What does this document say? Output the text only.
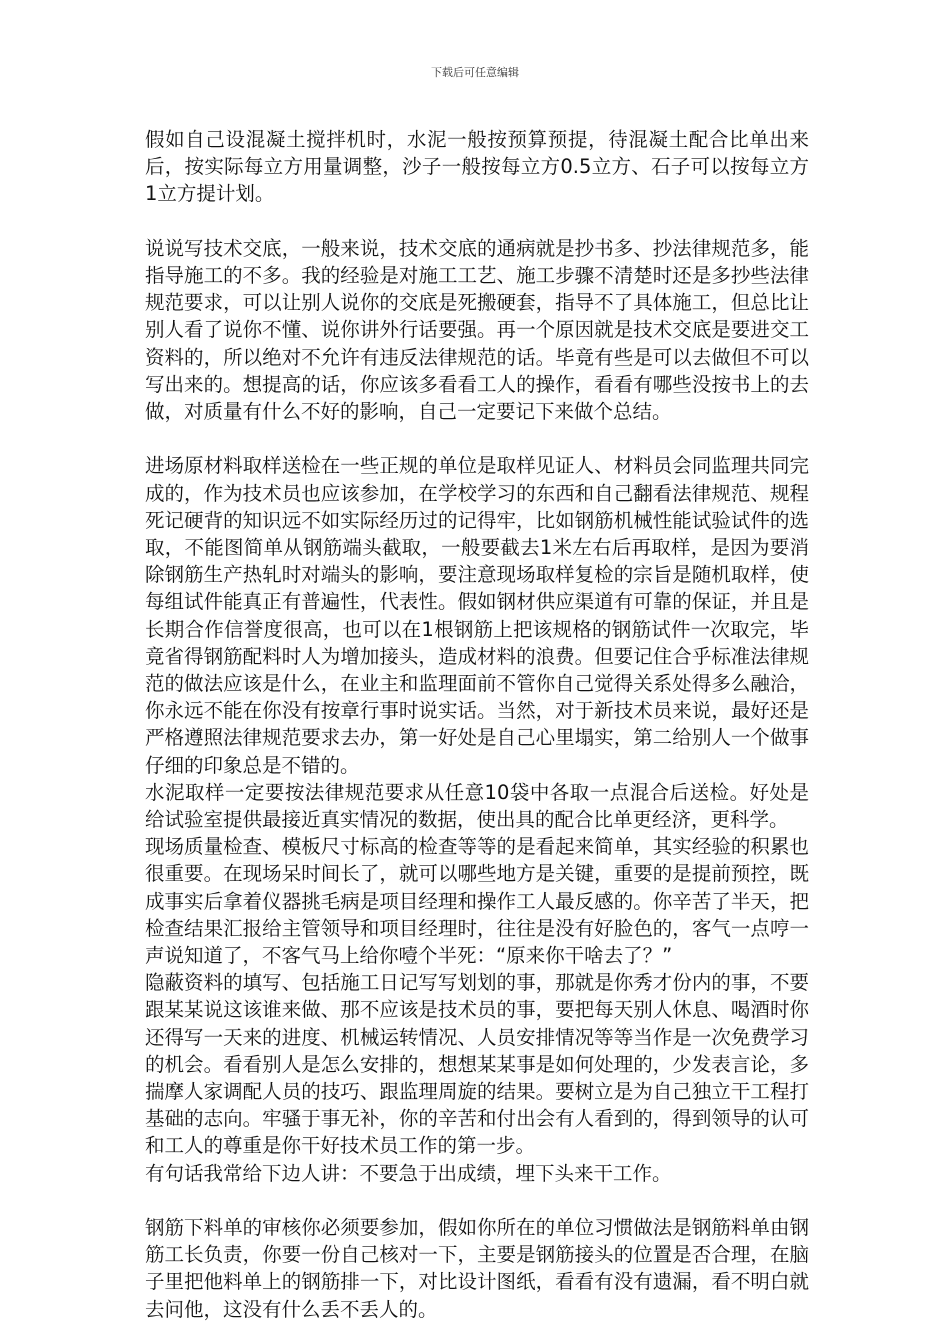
下载后可任意编辑

假如自己设混凝土搅拌机时，水泥一般按预算预提，待混凝土配合比单出来后，按实际每立方用量调整，沙子一般按每立方0.5立方、石子可以按每立方1立方提计划。

说说写技术交底，一般来说，技术交底的通病就是抄书多、抄法律规范多，能指导施工的不多。我的经验是对施工工艺、施工步骤不清楚时还是多抄些法律规范要求，可以让别人说你的交底是死搬硬套，指导不了具体施工，但总比让别人看了说你不懂、说你讲外行话要强。再一个原因就是技术交底是要进交工资料的，所以绝对不允许有违反法律规范的话。毕竟有些是可以去做但不可以写出来的。想提高的话，你应该多看看工人的操作，看看有哪些没按书上的去做，对质量有什么不好的影响，自己一定要记下来做个总结。

进场原材料取样送检在一些正规的单位是取样见证人、材料员会同监理共同完成的，作为技术员也应该参加，在学校学习的东西和自己翻看法律规范、规程死记硬背的知识远不如实际经历过的记得牢，比如钢筋机械性能试验试件的选取，不能图简单从钢筋端头截取，一般要截去1米左右后再取样，是因为要消除钢筋生产热轧时对端头的影响，要注意现场取样复检的宗旨是随机取样，使每组试件能真正有普遍性，代表性。假如钢材供应渠道有可靠的保证，并且是长期合作信誉度很高，也可以在1根钢筋上把该规格的钢筋试件一次取完，毕竟省得钢筋配料时人为增加接头，造成材料的浪费。但要记住合乎标准法律规范的做法应该是什么，在业主和监理面前不管你自己觉得关系处得多么融洽，你永远不能在你没有按章行事时说实话。当然，对于新技术员来说，最好还是严格遵照法律规范要求去办，第一好处是自己心里塌实，第二给别人一个做事仔细的印象总是不错的。

水泥取样一定要按法律规范要求从任意10袋中各取一点混合后送检。好处是给试验室提供最接近真实情况的数据，使出具的配合比单更经济，更科学。

现场质量检查、模板尺寸标高的检查等等的是看起来简单，其实经验的积累也很重要。在现场呆时间长了，就可以哪些地方是关键，重要的是提前预控，既成事实后拿着仪器挑毛病是项目经理和操作工人最反感的。你辛苦了半天，把检查结果汇报给主管领导和项目经理时，往往是没有好脸色的，客气一点哼一声说知道了，不客气马上给你噎个半死：“原来你干啥去了？”

隐蔽资料的填写、包括施工日记写写划划的事，那就是你秀才份内的事，不要跟某某说这该谁来做、那不应该是技术员的事，要把每天别人休息、喝酒时你还得写一天来的进度、机械运转情况、人员安排情况等等当作是一次免费学习的机会。看看别人是怎么安排的，想想某某事是如何处理的，少发表言论，多揣摩人家调配人员的技巧、跟监理周旋的结果。要树立是为自己独立干工程打基础的志向。牢骚于事无补，你的辛苦和付出会有人看到的，得到领导的认可和工人的尊重是你干好技术员工作的第一步。

有句话我常给下边人讲：不要急于出成绩，埋下头来干工作。

钢筋下料单的审核你必须要参加，假如你所在的单位习惯做法是钢筋料单由钢筋工长负责，你要一份自己核对一下，主要是钢筋接头的位置是否合理，在脑子里把他料单上的钢筋排一下，对比设计图纸，看看有没有遗漏，看不明白就去问他，这没有什么丢不丢人的。
